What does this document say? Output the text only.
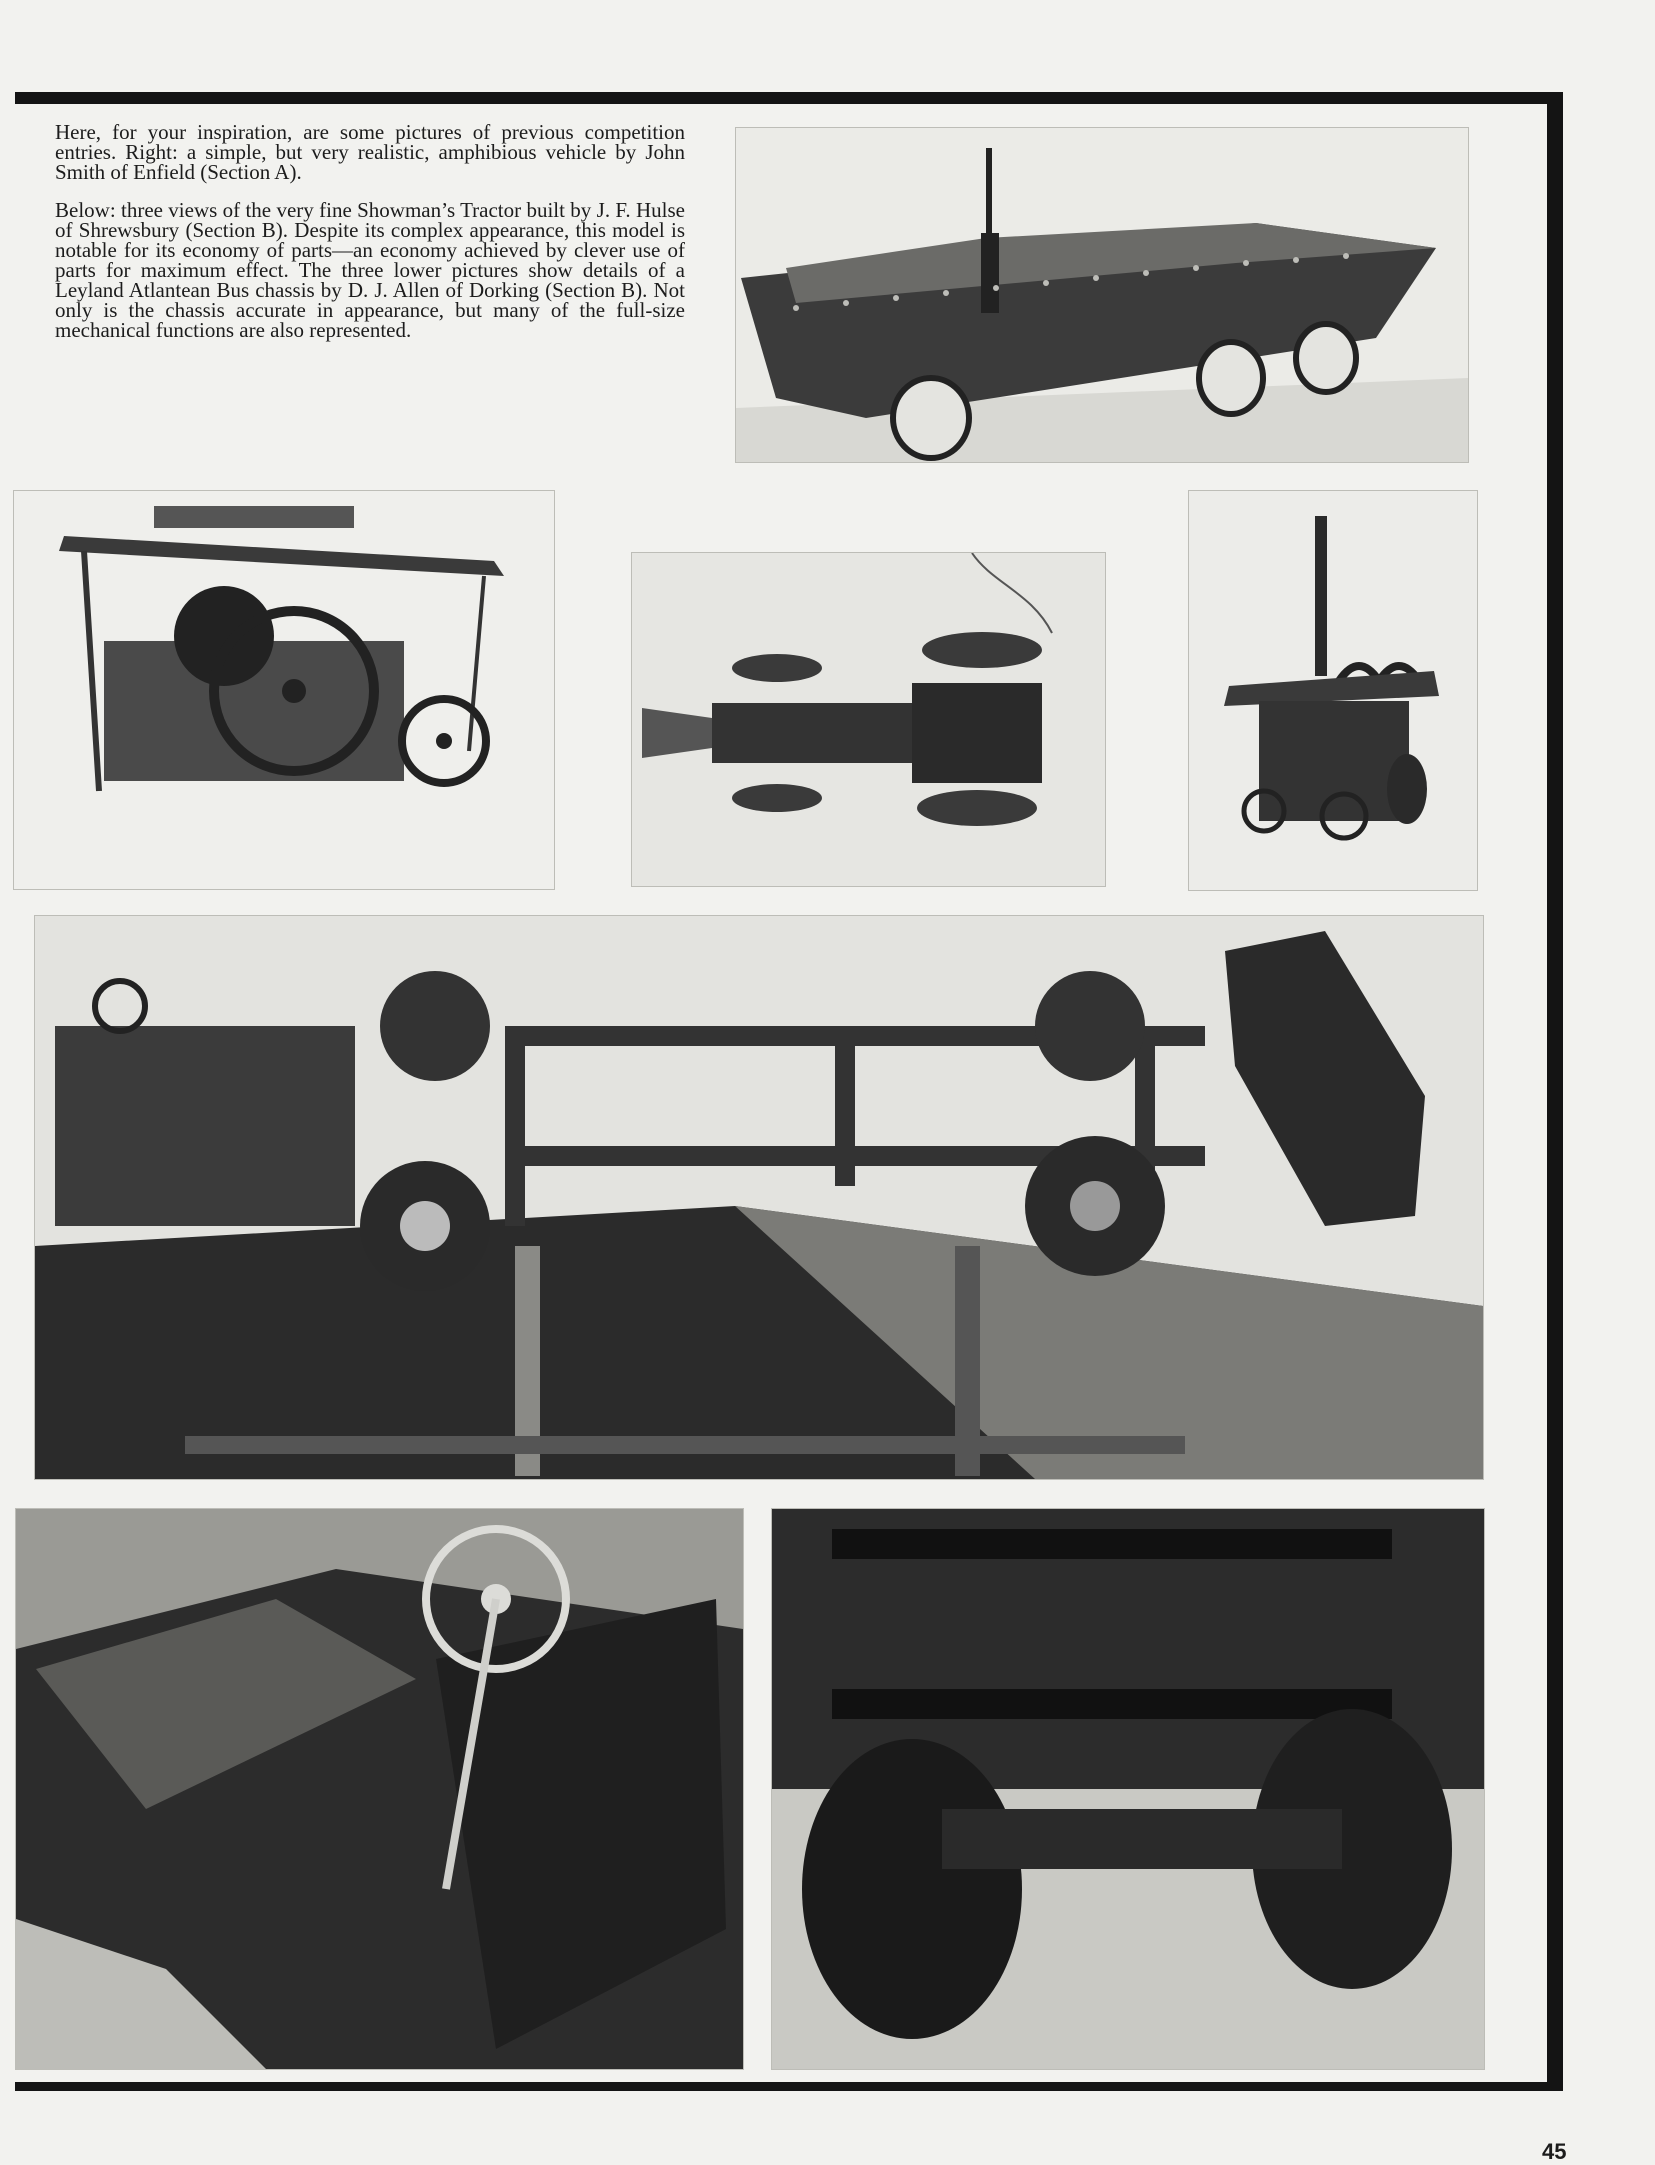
Here, for your inspiration, are some pictures of previous competition entries. Right: a simple, but very realistic, amphibious vehicle by John Smith of Enfield (Section A).

Below: three views of the very fine Showman’s Tractor built by J. F. Hulse of Shrewsbury (Section B). Despite its complex appearance, this model is notable for its economy of parts—an economy achieved by clever use of parts for maximum effect. The three lower pictures show details of a Leyland Atlantean Bus chassis by D. J. Allen of Dorking (Section B). Not only is the chassis accurate in appearance, but many of the full-size mechanical functions are also represented.

45
